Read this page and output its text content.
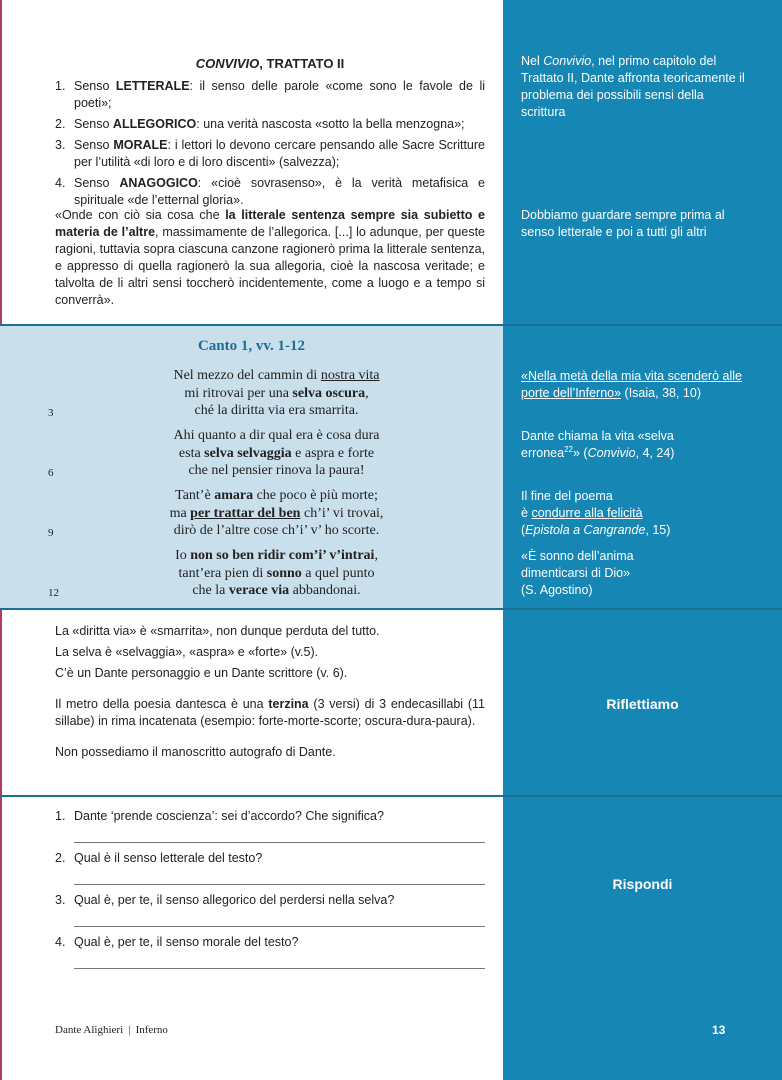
CONVIVIO, TRATTATO II
1. Senso LETTERALE: il senso delle parole «come sono le favole de li poeti»;
2. Senso ALLEGORICO: una verità nascosta «sotto la bella menzogna»;
3. Senso MORALE: i lettori lo devono cercare pensando alle Sacre Scritture per l’utilità «di loro e di loro discenti» (salvezza);
4. Senso ANAGOGICO: «cioè sovrasenso», è la verità metafisica e spirituale «de l’etternal gloria».
«Onde con ciò sia cosa che la litterale sentenza sempre sia subietto e materia de l’altre, massimamente de l’allegorica. [...] lo adunque, per queste ragioni, tuttavia sopra ciascuna canzone ragionerò prima la litterale sentenza, e appresso di quella ragionerò la sua allegoria, cioè la nascosa veritade; e talvolta de li altri sensi toccherò incidentemente, come a luogo e a tempo si converrà».
Nel Convivio, nel primo capitolo del Trattato II, Dante affronta teoricamente il problema dei possibili sensi della scrittura
Dobbiamo guardare sempre prima al senso letterale e poi a tutti gli altri
Canto 1, vv. 1-12
Nel mezzo del cammin di nostra vita
mi ritrovai per una selva oscura,
3	ché la diritta via era smarrita.
Ahi quanto a dir qual era è cosa dura
esta selva selvaggia e aspra e forte
6	che nel pensier rinova la paura!
Tant’è amara che poco è più morte;
ma per trattar del ben ch’i’ vi trovai,
9	dirò de l’altre cose ch’i’ v’ ho scorte.
Io non so ben ridir com’i’ v’intrai,
tant’era pien di sonno a quel punto
12	che la verace via abbandonai.
«Nella metà della mia vita scenderò alle porte dell’Inferno» (Isaia, 38, 10)
Dante chiama la vita «selva erronea$^{22}$» (Convivio, 4, 24)
Il fine del poema
è condurre alla felicità
(Epistola a Cangrande, 15)
«È sonno dell’anima dimenticarsi di Dio»
(S. Agostino)

La «diritta via» è «smarrita», non dunque perduta del tutto.

La selva è «selvaggia», «aspra» e «forte» (v.5).

C’è un Dante personaggio e un Dante scrittore (v. 6).

Il metro della poesia dantesca è una terzina (3 versi) di 3 endecasillabi (11 sillabe) in rima incatenata (esempio: forte-morte-scorte; oscura-dura-paura).

Non possediamo il manoscritto autografo di Dante.

Riflettiamo
Rispondi
1. Dante ‘prende coscienza’: sei d’accordo? Che significa?
2. Qual è il senso letterale del testo?
3. Qual è, per te, il senso allegorico del perdersi nella selva?
4. Qual è, per te, il senso morale del testo?
Dante Alighieri | Inferno	13
